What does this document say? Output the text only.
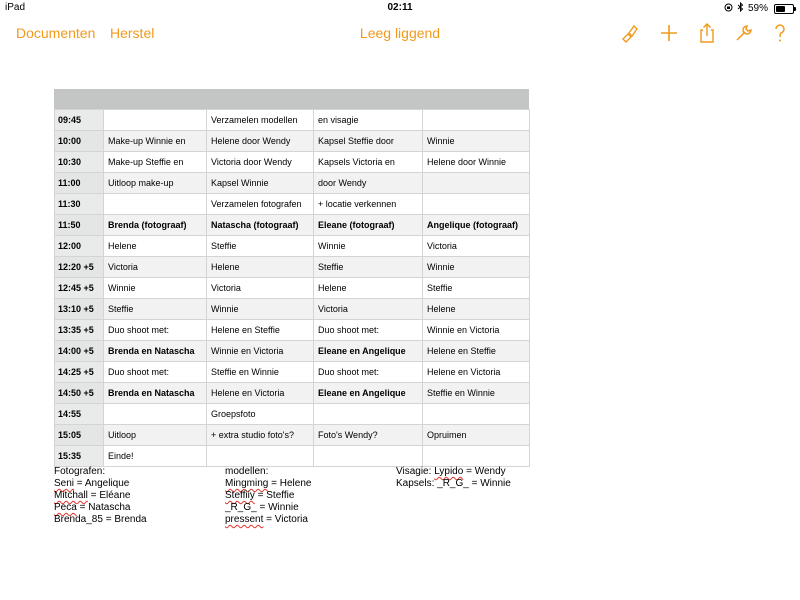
iPad	02:11	59%
Documenten Herstel	Leeg liggend
09:45		Verzamelen modellen	en visagie	
10:00	Make-up Winnie en	Helene door Wendy	Kapsel Steffie door	Winnie
10:30	Make-up Steffie en	Victoria door Wendy	Kapsels Victoria en	Helene door Winnie
11:00	Uitloop make-up	Kapsel Winnie	door Wendy	
11:30		Verzamelen fotografen	+ locatie verkennen	
11:50	Brenda (fotograaf)	Natascha (fotograaf)	Eleane (fotograaf)	Angelique (fotograaf)
12:00	Helene	Steffie	Winnie	Victoria
12:20 +5	Victoria	Helene	Steffie	Winnie
12:45 +5	Winnie	Victoria	Helene	Steffie
13:10 +5	Steffie	Winnie	Victoria	Helene
13:35 +5	Duo shoot met:	Helene en Steffie	Duo shoot met:	Winnie en Victoria
14:00 +5	Brenda en Natascha	Winnie en Victoria	Eleane en Angelique	Helene en Steffie
14:25 +5	Duo shoot met:	Steffie en Winnie	Duo shoot met:	Helene en Victoria
14:50 +5	Brenda en Natascha	Helene en Victoria	Eleane en Angelique	Steffie en Winnie
14:55		Groepsfoto		
15:05	Uitloop	+ extra studio foto's?	Foto's Wendy?	Opruimen
15:35	Einde!			
Fotografen:
Seni = Angelique
Mitchall = Eléane
Peca = Natascha
Brenda_85 = Brenda
modellen:
Mingming = Helene
Steffiiy = Steffie
_R_G_ = Winnie
pressent = Victoria
Visagie: Lypido = Wendy
Kapsels: _R_G_ = Winnie
